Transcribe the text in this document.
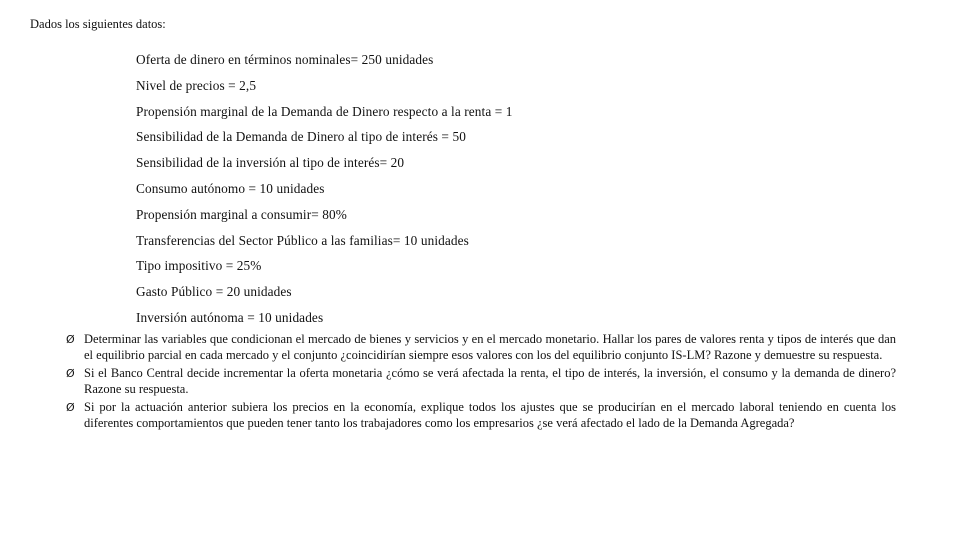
Dados los siguientes datos:
Oferta de dinero en términos nominales= 250 unidades
Nivel de precios = 2,5
Propensión marginal de la Demanda de Dinero respecto a la renta = 1
Sensibilidad de la Demanda de Dinero al tipo de interés = 50
Sensibilidad de la inversión al tipo de interés= 20
Consumo autónomo = 10 unidades
Propensión marginal a consumir= 80%
Transferencias del Sector Público a las familias= 10 unidades
Tipo impositivo = 25%
Gasto Público = 20 unidades
Inversión autónoma = 10 unidades
Ø Determinar las variables que condicionan el mercado de bienes y servicios y en el mercado monetario. Hallar los pares de valores renta y tipos de interés que dan el equilibrio parcial en cada mercado y el conjunto ¿coincidirían siempre esos valores con los del equilibrio conjunto IS-LM? Razone y demuestre su respuesta.
Ø Si el Banco Central decide incrementar la oferta monetaria ¿cómo se verá afectada la renta, el tipo de interés, la inversión, el consumo y la demanda de dinero? Razone su respuesta.
Ø Si por la actuación anterior subiera los precios en la economía, explique todos los ajustes que se producirían en el mercado laboral teniendo en cuenta los diferentes comportamientos que pueden tener tanto los trabajadores como los empresarios ¿se verá afectado el lado de la Demanda Agregada?
